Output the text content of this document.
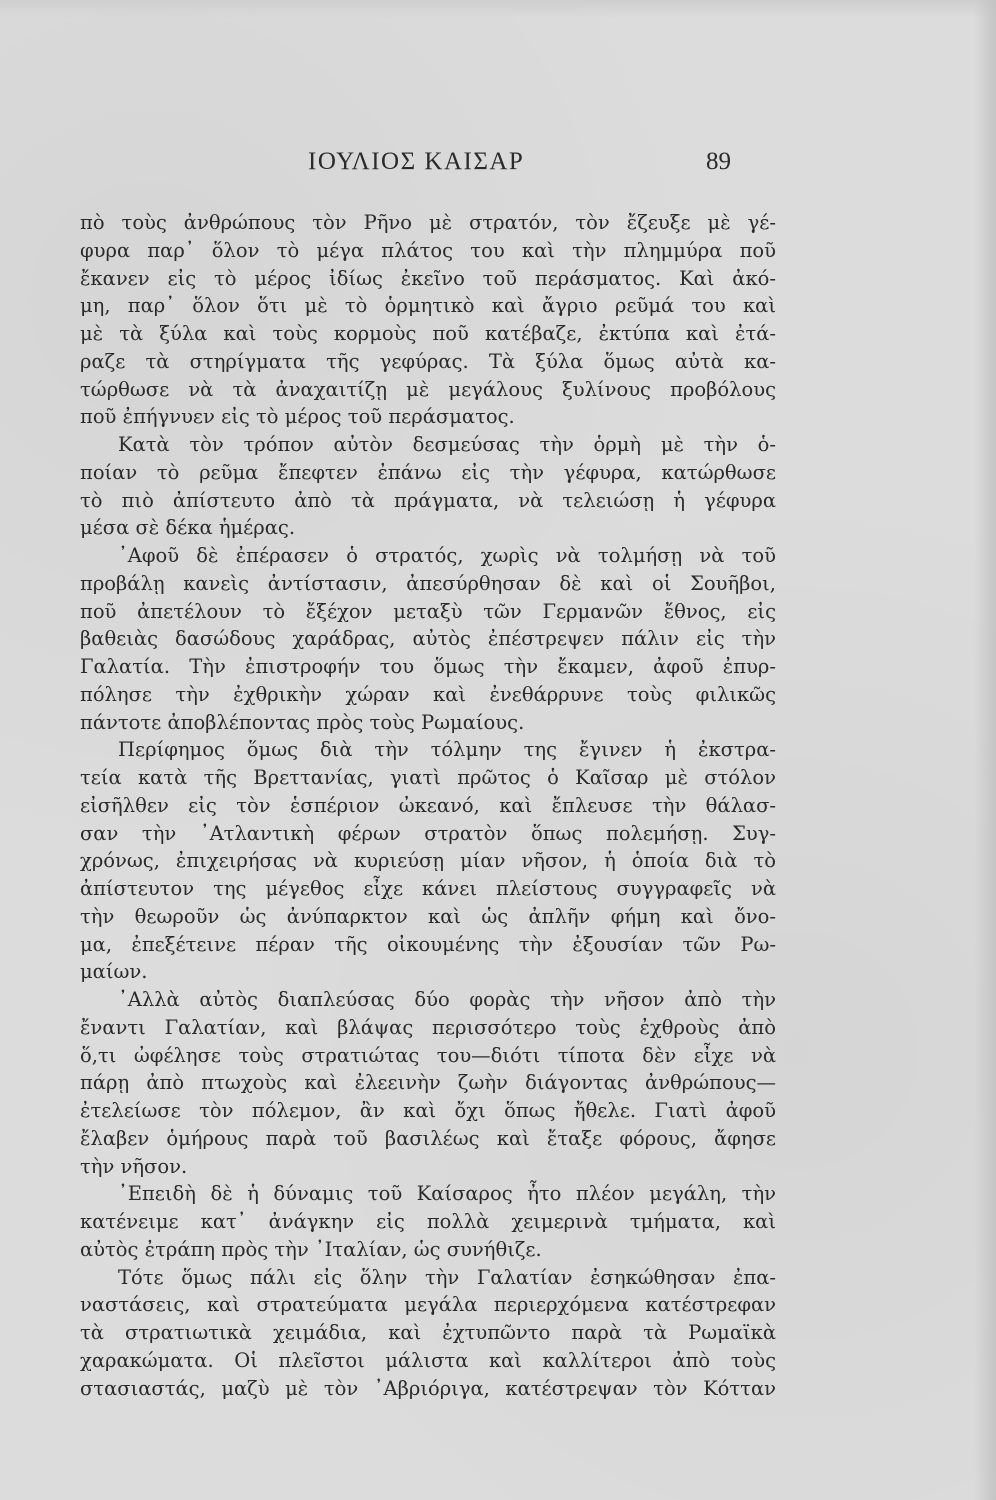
ΙΟΥΛΙΟΣ ΚΑΙΣΑΡ	89
πὸ τοὺς ἀνθρώπους τὸν Ρῆνο μὲ στρατόν, τὸν ἔζευξε μὲ γέ-
φυρα παρ᾽ ὅλον τὸ μέγα πλάτος του καὶ τὴν πλημμύρα ποῦ
ἔκανεν εἰς τὸ μέρος ἰδίως ἐκεῖνο τοῦ περάσματος. Καὶ ἀκό-
μη, παρ᾽ ὅλον ὅτι μὲ τὸ ὁρμητικὸ καὶ ἄγριο ρεῦμά του καὶ
μὲ τὰ ξύλα καὶ τοὺς κορμοὺς ποῦ κατέβαζε, ἐκτύπα καὶ ἐτά-
ραζε τὰ στηρίγματα τῆς γεφύρας. Τὰ ξύλα ὅμως αὐτὰ κα-
τώρθωσε νὰ τὰ ἀναχαιτίζῃ μὲ μεγάλους ξυλίνους προβόλους
ποῦ ἐπήγνυεν εἰς τὸ μέρος τοῦ περάσματος.
Κατὰ τὸν τρόπον αὐτὸν δεσμεύσας τὴν ὁρμὴ μὲ τὴν ὁ-
ποίαν τὸ ρεῦμα ἔπεφτεν ἐπάνω εἰς τὴν γέφυρα, κατώρθωσε
τὸ πιὸ ἀπίστευτο ἀπὸ τὰ πράγματα, νὰ τελειώσῃ ἡ γέφυρα
μέσα σὲ δέκα ἡμέρας.
᾽Αφοῦ δὲ ἐπέρασεν ὁ στρατός, χωρὶς νὰ τολμήσῃ νὰ τοῦ
προβάλῃ κανεὶς ἀντίστασιν, ἀπεσύρθησαν δὲ καὶ οἱ Σουῆβοι,
ποῦ ἀπετέλουν τὸ ἔξέχον μεταξὺ τῶν Γερμανῶν ἔθνος, εἰς
βαθειὰς δασώδους χαράδρας, αὐτὸς ἐπέστρεψεν πάλιν εἰς τὴν
Γαλατία. Τὴν ἐπιστροφήν του ὅμως τὴν ἔκαμεν, ἀφοῦ ἐπυρ-
πόλησε τὴν ἐχθρικὴν χώραν καὶ ἐνεθάρρυνε τοὺς φιλικῶς
πάντοτε ἀποβλέποντας πρὸς τοὺς Ρωμαίους.
Περίφημος ὅμως διὰ τὴν τόλμην της ἔγινεν ἡ ἐκστρα-
τεία κατὰ τῆς Βρεττανίας, γιατὶ πρῶτος ὁ Καῖσαρ μὲ στόλον
εἰσῆλθεν εἰς τὸν ἑσπέριον ὠκεανό, καὶ ἔπλευσε τὴν θάλασ-
σαν τὴν ᾽Ατλαντικὴ φέρων στρατὸν ὅπως πολεμήσῃ. Συγ-
χρόνως, ἐπιχειρήσας νὰ κυριεύσῃ μίαν νῆσον, ἡ ὁποία διὰ τὸ
ἀπίστευτον της μέγεθος εἶχε κάνει πλείστους συγγραφεῖς νὰ
τὴν θεωροῦν ὡς ἀνύπαρκτον καὶ ὡς ἀπλῆν φήμη καὶ ὄνο-
μα, ἐπεξέτεινε πέραν τῆς οἰκουμένης τὴν ἐξουσίαν τῶν Ρω-
μαίων.
᾽Αλλὰ αὐτὸς διαπλεύσας δύο φορὰς τὴν νῆσον ἀπὸ τὴν
ἔναντι Γαλατίαν, καὶ βλάψας περισσότερο τοὺς ἐχθροὺς ἀπὸ
ὅ,τι ὠφέλησε τοὺς στρατιώτας του—διότι τίποτα δὲν εἶχε νὰ
πάρῃ ἀπὸ πτωχοὺς καὶ ἐλεεινὴν ζωὴν διάγοντας ἀνθρώπους—
ἐτελείωσε τὸν πόλεμον, ἂν καὶ ὄχι ὅπως ἤθελε. Γιατὶ ἀφοῦ
ἔλαβεν ὁμήρους παρὰ τοῦ βασιλέως καὶ ἔταξε φόρους, ἄφησε
τὴν νῆσον.
᾽Επειδὴ δὲ ἡ δύναμις τοῦ Καίσαρος ἦτο πλέον μεγάλη, τὴν
κατένειμε κατ᾽ ἀνάγκην εἰς πολλὰ χειμερινὰ τμήματα, καὶ
αὐτὸς ἐτράπη πρὸς τὴν ᾽Ιταλίαν, ὡς συνήθιζε.
Τότε ὅμως πάλι εἰς ὅλην τὴν Γαλατίαν ἐσηκώθησαν ἐπα-
ναστάσεις, καὶ στρατεύματα μεγάλα περιερχόμενα κατέστρεφαν
τὰ στρατιωτικὰ χειμάδια, καὶ ἐχτυπῶντο παρὰ τὰ Ρωμαϊκὰ
χαρακώματα. Οἱ πλεῖστοι μάλιστα καὶ καλλίτεροι ἀπὸ τοὺς
στασιαστάς, μαζὺ μὲ τὸν ᾽Αβριόριγα, κατέστρεψαν τὸν Κότταν
